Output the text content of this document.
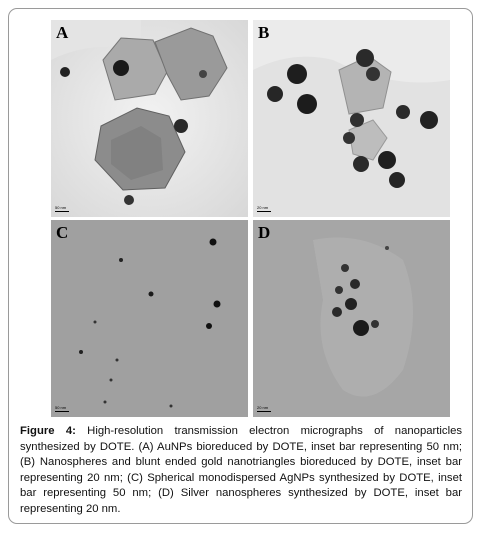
A
50 nm
B
20 nm
C
50 nm
D
20 nm
Figure 4: High-resolution transmission electron micrographs of nanoparticles synthesized by DOTE. (A) AuNPs bioreduced by DOTE, inset bar representing 50 nm; (B) Nanospheres and blunt ended gold nanotriangles bioreduced by DOTE, inset bar representing 20 nm; (C) Spherical monodispersed AgNPs synthesized by DOTE, inset bar representing 50 nm; (D) Silver nanospheres synthesized by DOTE, inset bar representing 20 nm.
